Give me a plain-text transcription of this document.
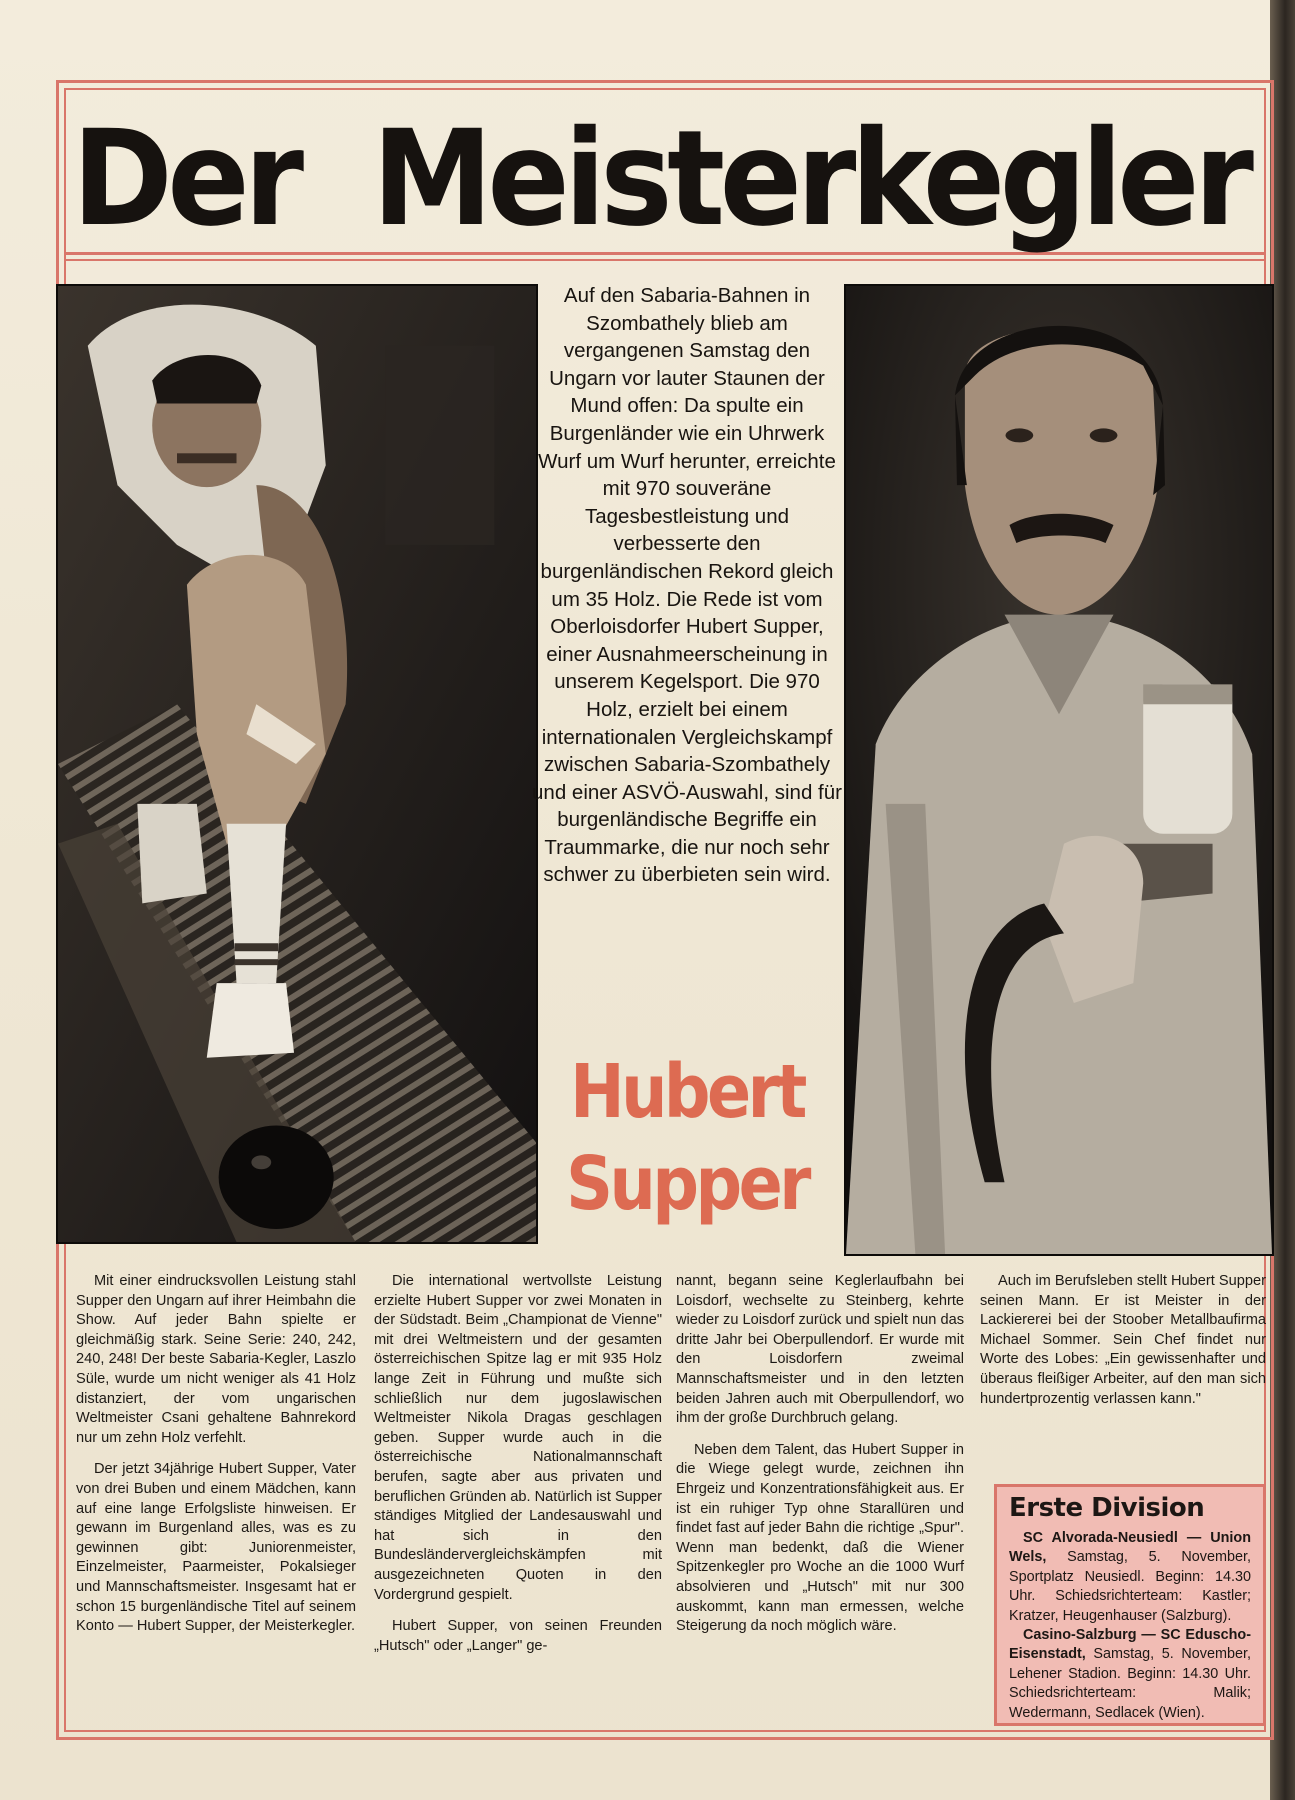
Der Meisterkegler

Auf den Sabaria-Bahnen in Szombathely blieb am vergangenen Samstag den Ungarn vor lauter Staunen der Mund offen: Da spulte ein Burgenländer wie ein Uhrwerk Wurf um Wurf herunter, erreichte mit 970 souveräne Tagesbestleistung und verbesserte den burgenländischen Rekord gleich um 35 Holz. Die Rede ist vom Oberloisdorfer Hubert Supper, einer Ausnahmeerscheinung in unserem Kegelsport. Die 970 Holz, erzielt bei einem internationalen Vergleichskampf zwischen Sabaria-Szombathely und einer ASVÖ-Auswahl, sind für burgenländische Begriffe ein Traummarke, die nur noch sehr schwer zu überbieten sein wird.

Hubert
Supper

Mit einer eindrucksvollen Leistung stahl Supper den Ungarn auf ihrer Heimbahn die Show. Auf jeder Bahn spielte er gleichmäßig stark. Seine Serie: 240, 242, 240, 248! Der beste Sabaria-Kegler, Laszlo Süle, wurde um nicht weniger als 41 Holz distanziert, der vom ungarischen Weltmeister Csani gehaltene Bahnrekord nur um zehn Holz verfehlt.

Der jetzt 34jährige Hubert Supper, Vater von drei Buben und einem Mädchen, kann auf eine lange Erfolgsliste hinweisen. Er gewann im Burgenland alles, was es zu gewinnen gibt: Juniorenmeister, Einzelmeister, Paarmeister, Pokalsieger und Mannschaftsmeister. Insgesamt hat er schon 15 burgenländische Titel auf seinem Konto — Hubert Supper, der Meisterkegler.

Die international wertvollste Leistung erzielte Hubert Supper vor zwei Monaten in der Südstadt. Beim „Championat de Vienne" mit drei Weltmeistern und der gesamten österreichischen Spitze lag er mit 935 Holz lange Zeit in Führung und mußte sich schließlich nur dem jugoslawischen Weltmeister Nikola Dragas geschlagen geben. Supper wurde auch in die österreichische Nationalmannschaft berufen, sagte aber aus privaten und beruflichen Gründen ab. Natürlich ist Supper ständiges Mitglied der Landesauswahl und hat sich in den Bundesländervergleichskämpfen mit ausgezeichneten Quoten in den Vordergrund gespielt.

Hubert Supper, von seinen Freunden „Hutsch" oder „Langer" ge-

nannt, begann seine Keglerlaufbahn bei Loisdorf, wechselte zu Steinberg, kehrte wieder zu Loisdorf zurück und spielt nun das dritte Jahr bei Oberpullendorf. Er wurde mit den Loisdorfern zweimal Mannschaftsmeister und in den letzten beiden Jahren auch mit Oberpullendorf, wo ihm der große Durchbruch gelang.

Neben dem Talent, das Hubert Supper in die Wiege gelegt wurde, zeichnen ihn Ehrgeiz und Konzentrationsfähigkeit aus. Er ist ein ruhiger Typ ohne Starallüren und findet fast auf jeder Bahn die richtige „Spur". Wenn man bedenkt, daß die Wiener Spitzenkegler pro Woche an die 1000 Wurf absolvieren und „Hutsch" mit nur 300 auskommt, kann man ermessen, welche Steigerung da noch möglich wäre.

Auch im Berufsleben stellt Hubert Supper seinen Mann. Er ist Meister in der Lackiererei bei der Stoober Metallbaufirma Michael Sommer. Sein Chef findet nur Worte des Lobes: „Ein gewissenhafter und überaus fleißiger Arbeiter, auf den man sich hundertprozentig verlassen kann."

Erste Division

SC Alvorada-Neusiedl — Union Wels, Samstag, 5. November, Sportplatz Neusiedl. Beginn: 14.30 Uhr. Schiedsrichterteam: Kastler; Kratzer, Heugenhauser (Salzburg).

Casino-Salzburg — SC Eduscho-Eisenstadt, Samstag, 5. November, Lehener Stadion. Beginn: 14.30 Uhr. Schiedsrichterteam: Malik; Wedermann, Sedlacek (Wien).
